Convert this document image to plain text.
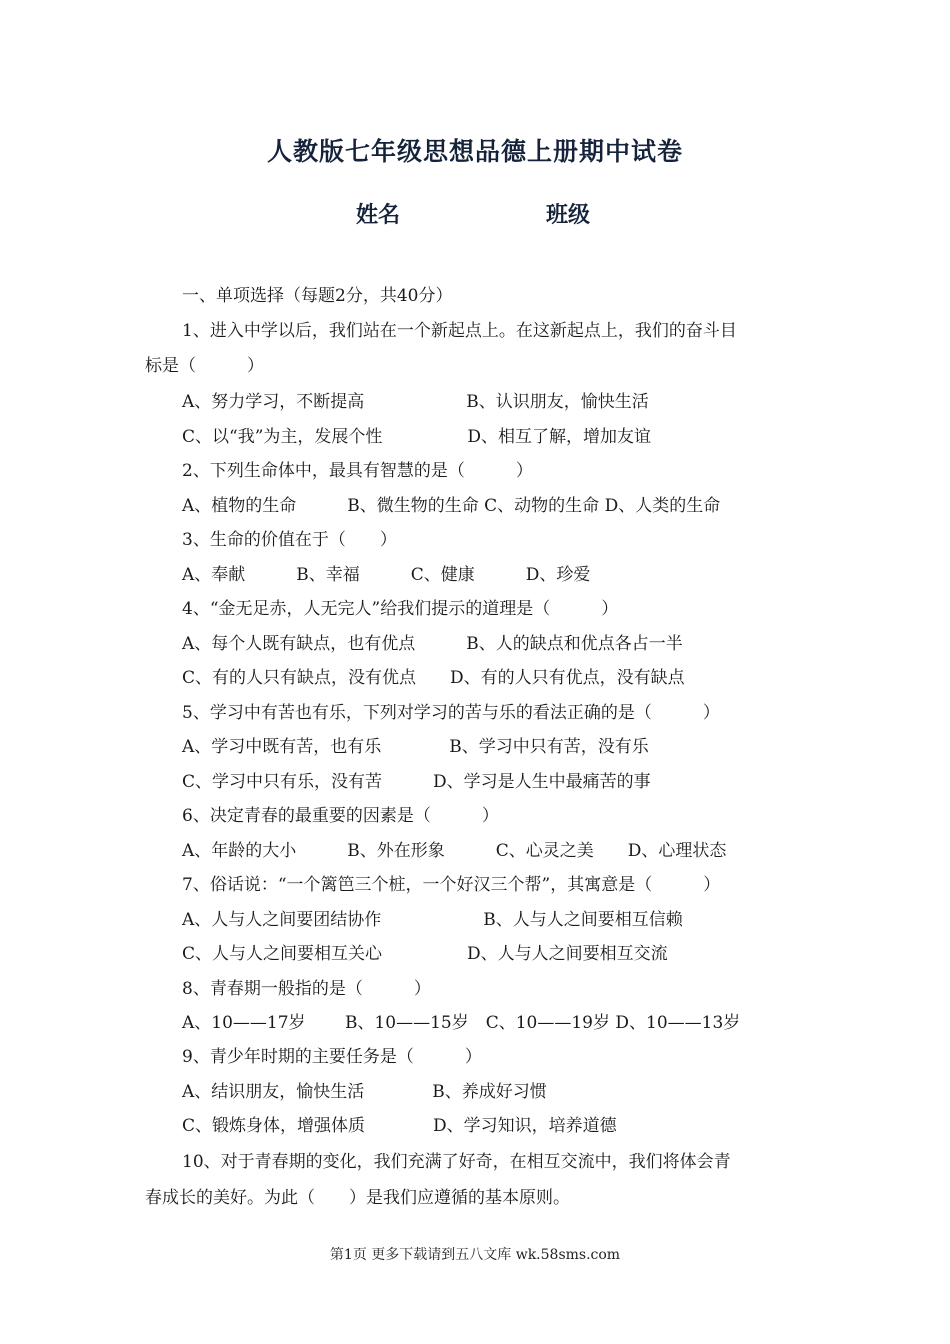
人教版七年级思想品德上册期中试卷
姓名	班级
一、单项选择（每题2分，共40分）
1、进入中学以后，我们站在一个新起点上。在这新起点上，我们的奋斗目
标是（　　　）
A、努力学习，不断提高　　　　　　B、认识朋友，愉快生活
C、以“我”为主，发展个性　　　　　D、相互了解，增加友谊
2、下列生命体中，最具有智慧的是（　　　）
A、植物的生命　　　B、微生物的生命 C、动物的生命 D、人类的生命
3、生命的价值在于（　　）
A、奉献　　　B、幸福　　　C、健康　　　D、珍爱
4、“金无足赤，人无完人”给我们提示的道理是（　　　）
A、每个人既有缺点，也有优点　　　B、人的缺点和优点各占一半
C、有的人只有缺点，没有优点　　D、有的人只有优点，没有缺点
5、学习中有苦也有乐，下列对学习的苦与乐的看法正确的是（　　　）
A、学习中既有苦，也有乐　　　　B、学习中只有苦，没有乐
C、学习中只有乐，没有苦　　　D、学习是人生中最痛苦的事
6、决定青春的最重要的因素是（　　　）
A、年龄的大小　　　B、外在形象　　　C、心灵之美　　D、心理状态
7、俗话说：“一个篱笆三个桩，一个好汉三个帮”，其寓意是（　　　）
A、人与人之间要团结协作　　　　　　B、人与人之间要相互信赖
C、人与人之间要相互关心　　　　　D、人与人之间要相互交流
8、青春期一般指的是（　　　）
A、10——17岁　　 B、10——15岁　C、10——19岁 D、10——13岁
9、青少年时期的主要任务是（　　　）
A、结识朋友，愉快生活　　　　B、养成好习惯
C、锻炼身体，增强体质　　　　D、学习知识，培养道德
10、对于青春期的变化，我们充满了好奇，在相互交流中，我们将体会青
春成长的美好。为此（　　）是我们应遵循的基本原则。
第1页 更多下载请到五八文库 wk.58sms.com
